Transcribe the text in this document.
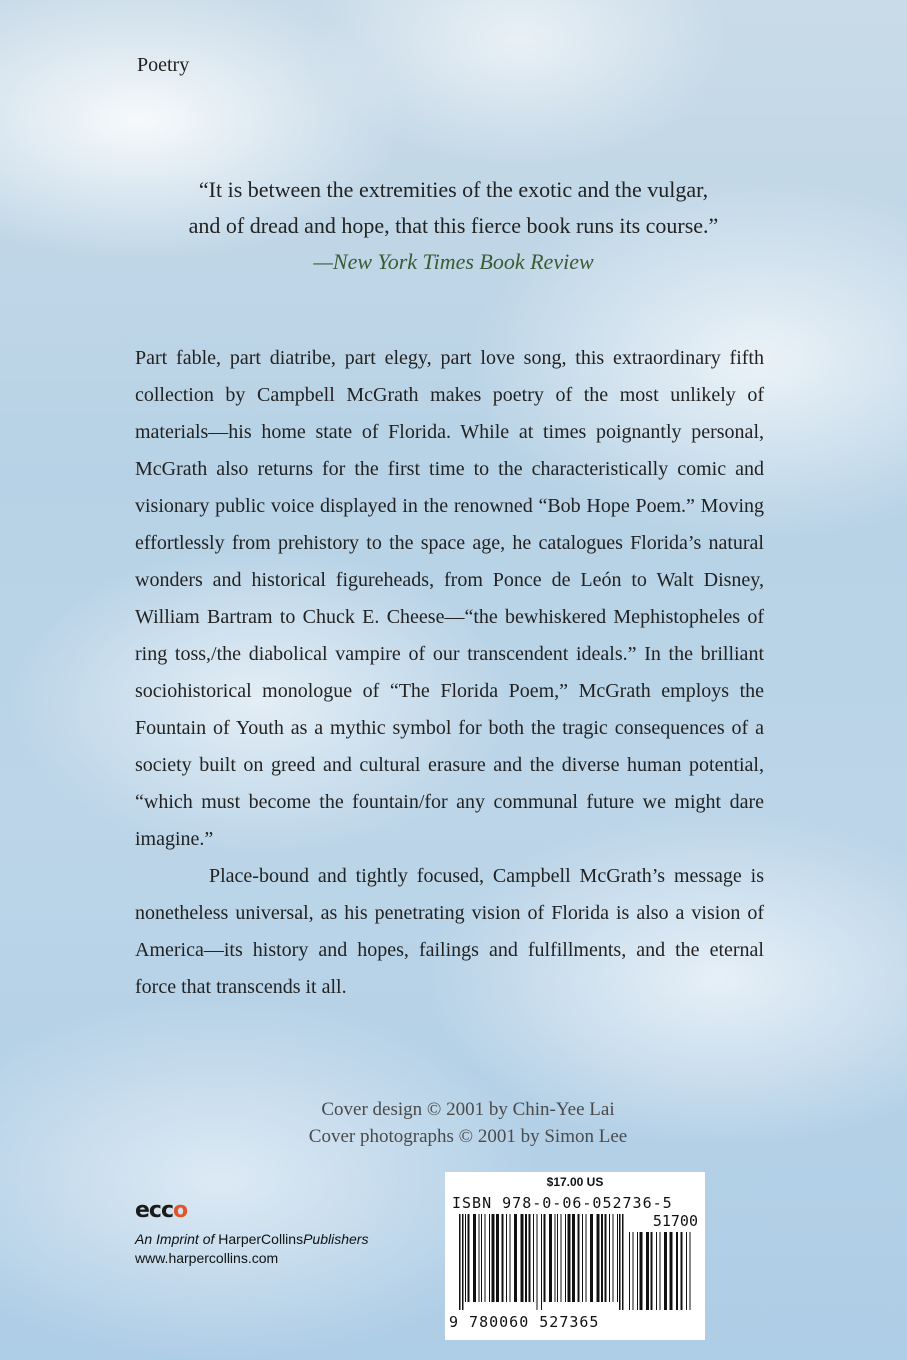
Poetry
“It is between the extremities of the exotic and the vulgar,
and of dread and hope, that this fierce book runs its course.”
—New York Times Book Review

Part fable, part diatribe, part elegy, part love song, this extraordinary fifth collection by Campbell McGrath makes poetry of the most unlikely of materials—his home state of Florida. While at times poignantly personal, McGrath also returns for the first time to the characteristically comic and visionary public voice displayed in the renowned “Bob Hope Poem.” Moving effortlessly from prehistory to the space age, he catalogues Florida’s natural wonders and historical figureheads, from Ponce de León to Walt Disney, William Bartram to Chuck E. Cheese—“the bewhiskered Mephistopheles of ring toss,/the diabolical vampire of our transcendent ideals.” In the brilliant sociohistorical monologue of “The Florida Poem,” McGrath employs the Fountain of Youth as a mythic symbol for both the tragic consequences of a society built on greed and cultural erasure and the diverse human potential, “which must become the fountain/for any communal future we might dare imagine.”

Place-bound and tightly focused, Campbell McGrath’s message is nonetheless universal, as his penetrating vision of Florida is also a vision of America—its history and hopes, failings and fulfillments, and the eternal force that transcends it all.

Cover design © 2001 by Chin-Yee Lai
Cover photographs © 2001 by Simon Lee
ecco
An Imprint of HarperCollinsPublishers
www.harpercollins.com
$17.00 US
ISBN 978-0-06-052736-5
51700
9 780060 527365
